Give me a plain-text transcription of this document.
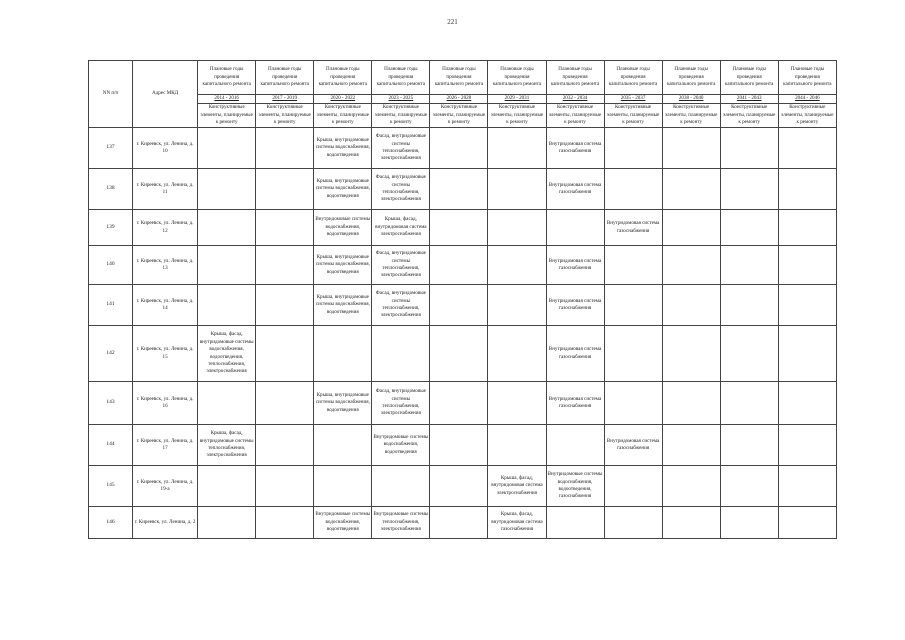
221
NN п/п	Адрес МКД	Плановые годы проведения капитального ремонта	Плановые годы проведения капитального ремонта	Плановые годы проведения капитального ремонта	Плановые годы проведения капитального ремонта	Плановые годы проведения капитального ремонта	Плановые годы проведения капитального ремонта	Плановые годы проведения капитального ремонта	Плановые годы проведения капитального ремонта	Плановые годы проведения капитального ремонта	Плановые годы проведения капитального ремонта	Плановые годы проведения капитального ремонта
		2014 - 2016	2017 - 2019	2020 - 2022	2023 - 2025	2026 - 2028	2029 - 2031	2032 - 2034	2035 - 2037	2038 - 2040	2041 - 2043	2044 - 2046
		Конструктивные элементы, планируемые к ремонту	Конструктивные элементы, планируемые к ремонту	Конструктивные элементы, планируемые к ремонту	Конструктивные элементы, планируемые к ремонту	Конструктивные элементы, планируемые к ремонту	Конструктивные элементы, планируемые к ремонту	Конструктивные элементы, планируемые к ремонту	Конструктивные элементы, планируемые к ремонту	Конструктивные элементы, планируемые к ремонту	Конструктивные элементы, планируемые к ремонту	Конструктивные элементы, планируемые к ремонту
137	г. Киреевск, ул. Ленина, д. 10			Крыша, внутридомовые системы водоснабжения, водоотведения	Фасад, внутридомовые системы теплоснабжения, электроснабжения			Внутридомовая система газоснабжения				
138	г. Киреевск, ул. Ленина, д. 11			Крыша, внутридомовые системы водоснабжения, водоотведения	Фасад, внутридомовые системы теплоснабжения, электроснабжения			Внутридомовая система газоснабжения				
139	г. Киреевск, ул. Ленина, д. 12			Внутридомовые системы водоснабжения, водоотведения	Крыша, фасад, внутридомовая система электроснабжения				Внутридомовая система газоснабжения			
140	г. Киреевск, ул. Ленина, д. 13			Крыша, внутридомовые системы водоснабжения, водоотведения	Фасад, внутридомовые системы теплоснабжения, электроснабжения			Внутридомовая система газоснабжения				
141	г. Киреевск, ул. Ленина, д. 14			Крыша, внутридомовые системы водоснабжения, водоотведения	Фасад, внутридомовые системы теплоснабжения, электроснабжения			Внутридомовая система газоснабжения				
142	г. Киреевск, ул. Ленина, д. 15	Крыша, фасад, внутридомовые системы водоснабжения, водоотведения, теплоснабжения, электроснабжения						Внутридомовая система газоснабжения				
143	г. Киреевск, ул. Ленина, д. 16			Крыша, внутридомовые системы водоснабжения, водоотведения	Фасад, внутридомовые системы теплоснабжения, электроснабжения			Внутридомовая система газоснабжения				
144	г. Киреевск, ул. Ленина, д. 17	Крыша, фасад, внутридомовые системы теплоснабжения, электроснабжения			Внутридомовые системы водоснабжения, водоотведения				Внутридомовая система газоснабжения			
145	г. Киреевск, ул. Ленина, д. 19-а						Крыша, фасад, внутридомовая система электроснабжения	Внутридомовые системы водоснабжения, водоотведения, газоснабжения				
146	г. Киреевск, ул. Ленина, д. 2			Внутридомовые системы водоснабжения, водоотведения	Внутридомовые системы теплоснабжения, электроснабжения		Крыша, фасад, внутридомовая система газоснабжения					
